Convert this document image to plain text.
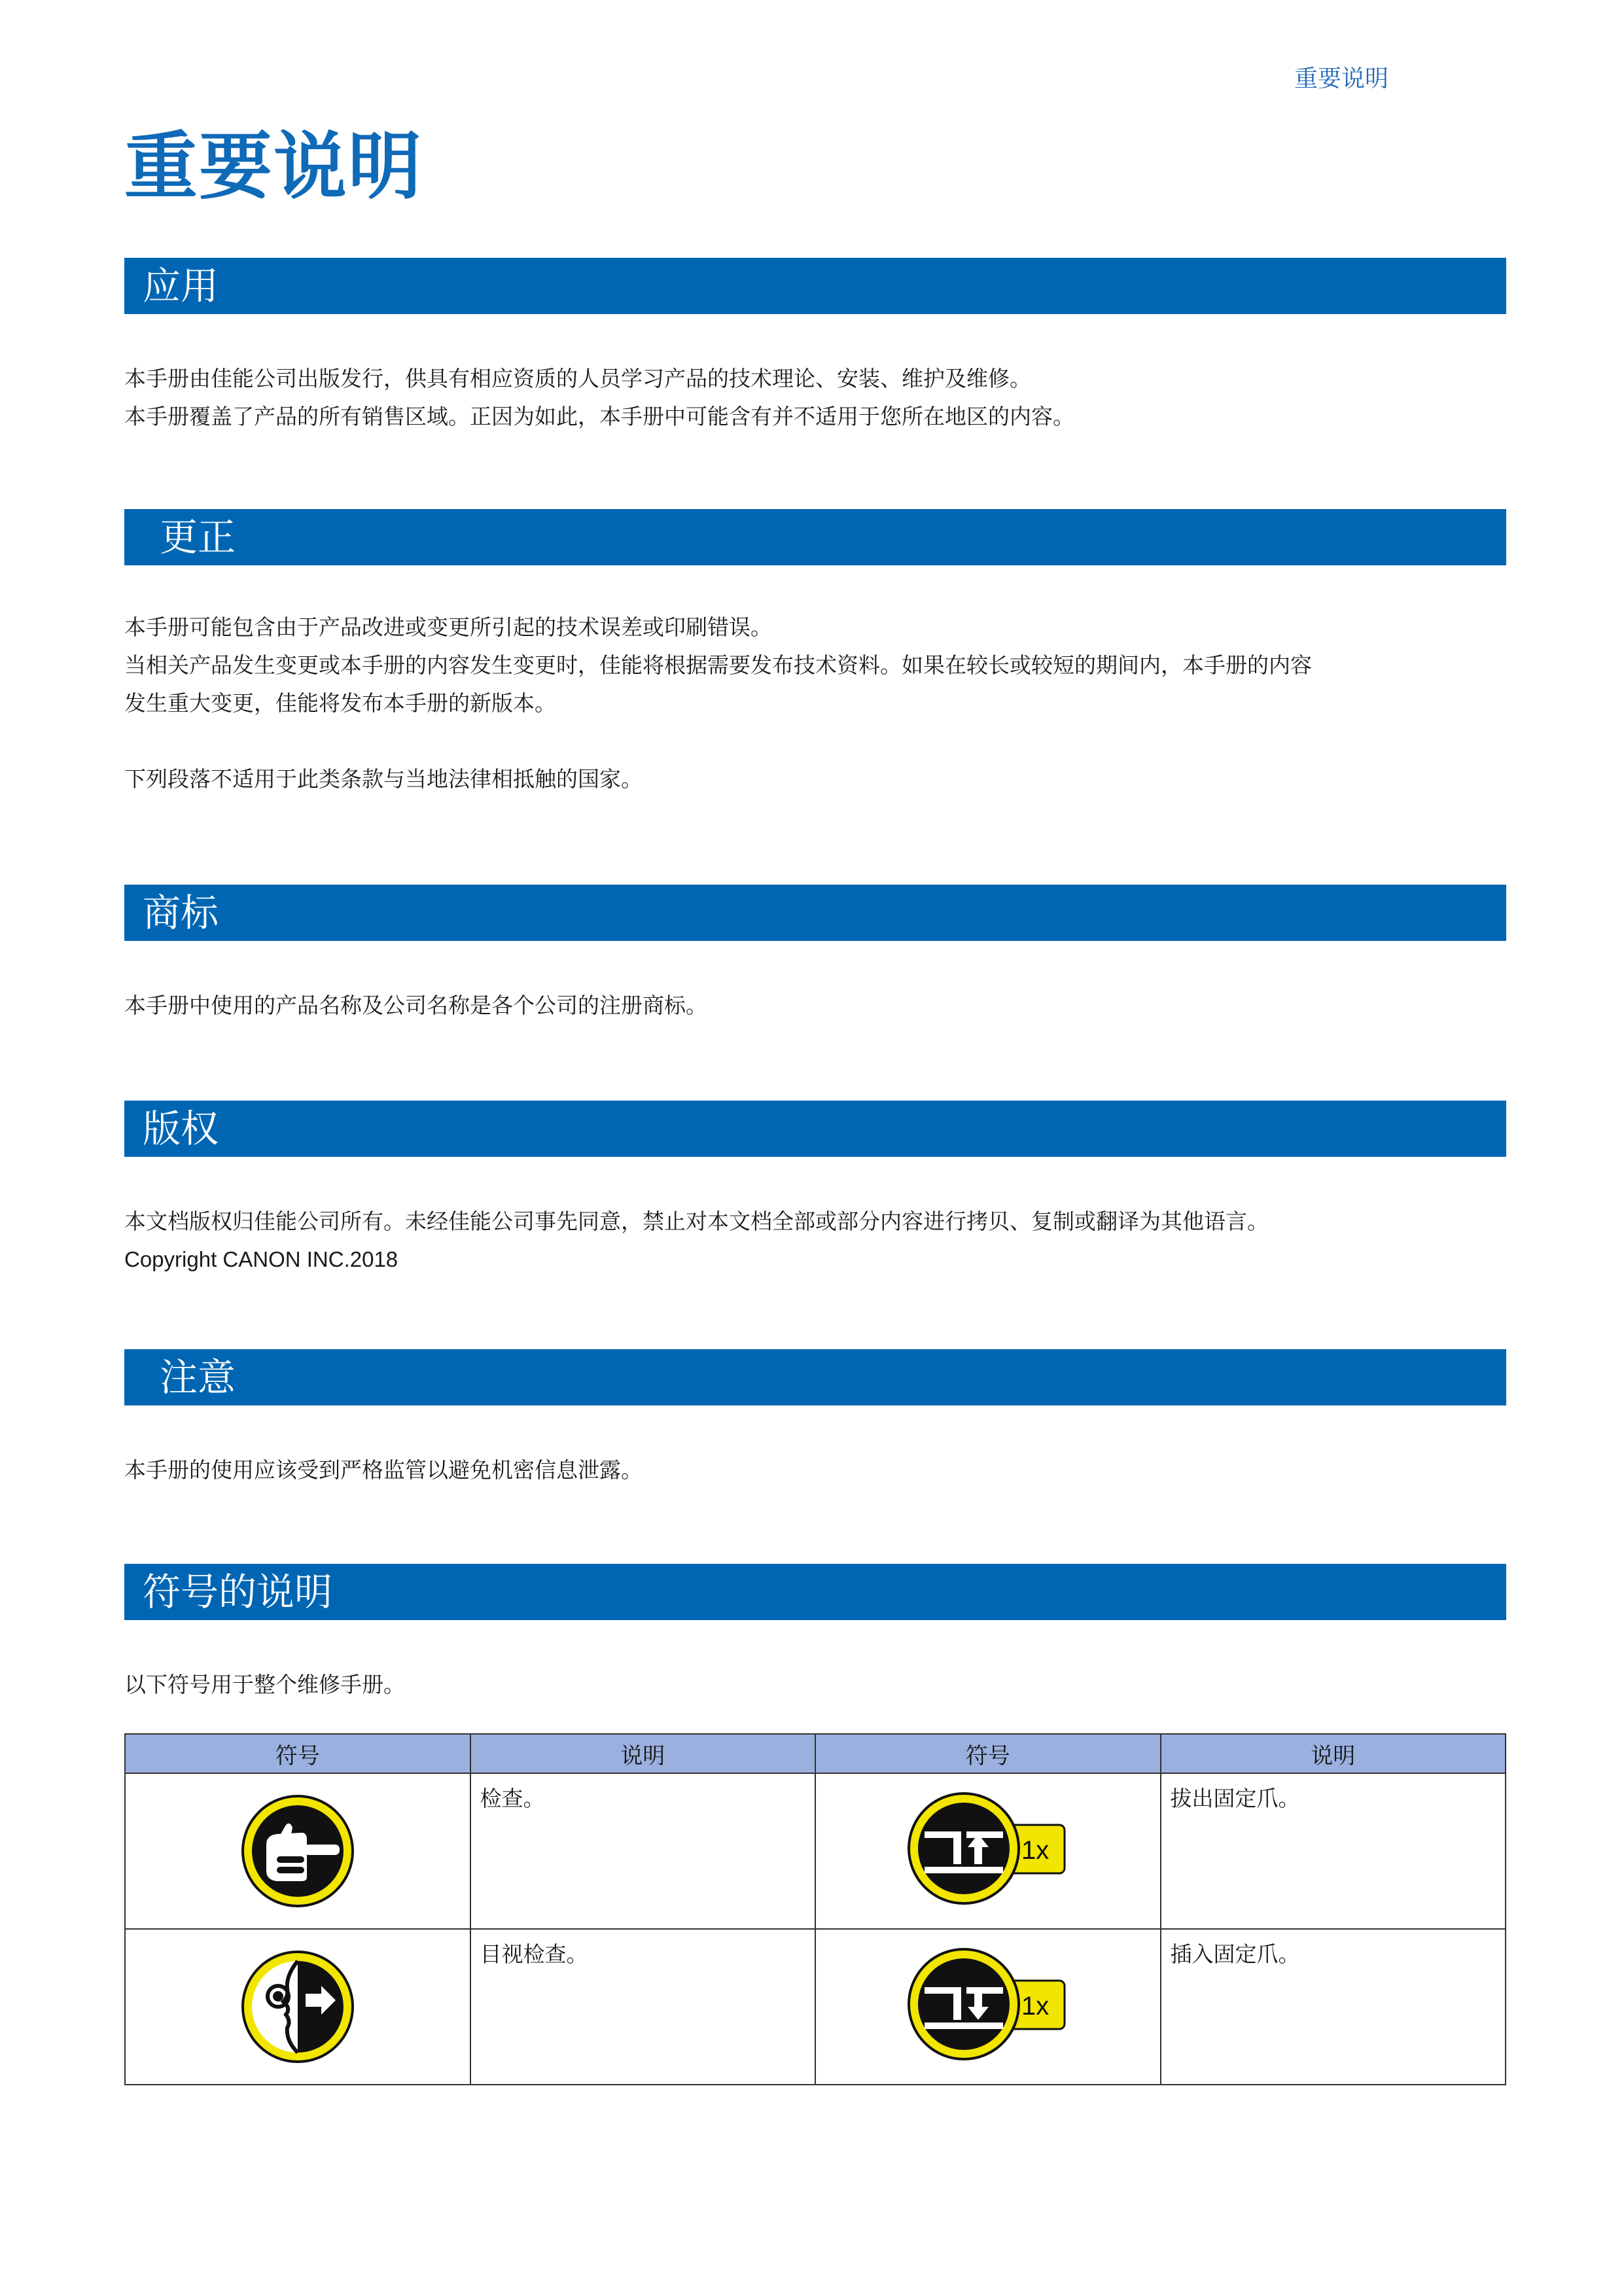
重要说明
重要说明
应用

本手册由佳能公司出版发行，供具有相应资质的人员学习产品的技术理论、安装、维护及维修。

本手册覆盖了产品的所有销售区域。正因为如此，本手册中可能含有并不适用于您所在地区的内容。

更正

本手册可能包含由于产品改进或变更所引起的技术误差或印刷错误。

当相关产品发生变更或本手册的内容发生变更时，佳能将根据需要发布技术资料。如果在较长或较短的期间内，本手册的内容

发生重大变更，佳能将发布本手册的新版本。

下列段落不适用于此类条款与当地法律相抵触的国家。

商标

本手册中使用的产品名称及公司名称是各个公司的注册商标。

版权

本文档版权归佳能公司所有。未经佳能公司事先同意，禁止对本文档全部或部分内容进行拷贝、复制或翻译为其他语言。

Copyright CANON INC.2018

注意

本手册的使用应该受到严格监管以避免机密信息泄露。

符号的说明

以下符号用于整个维修手册。

符号	说明	符号	说明

	检查。	1x	拔出固定爪。

	目视检查。	1x	插入固定爪。
